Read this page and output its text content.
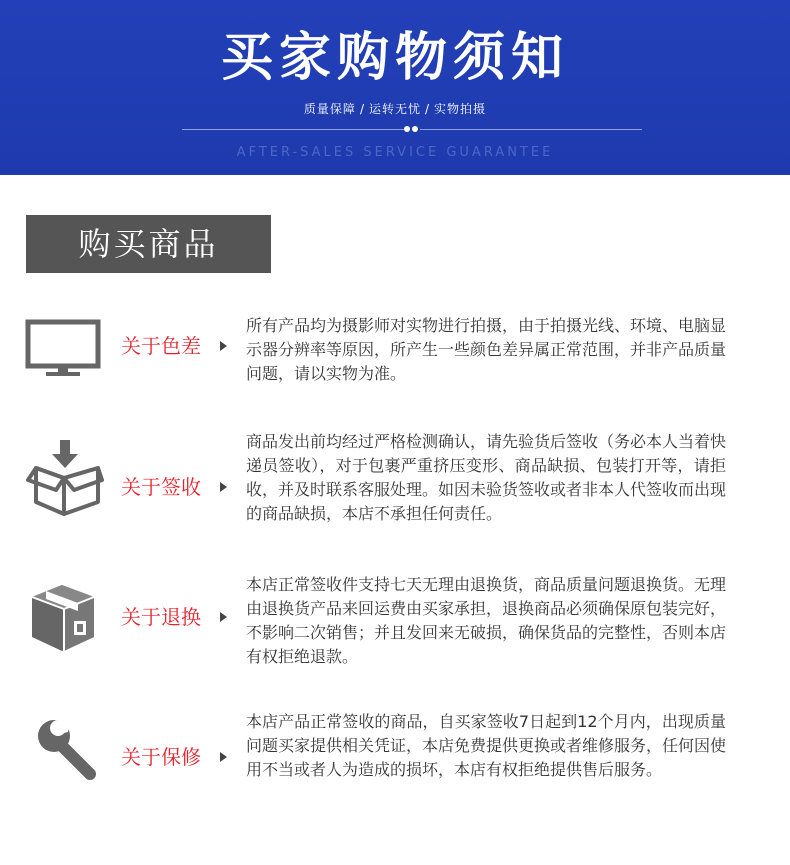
买家购物须知
质量保障 / 运转无忧 / 实物拍摄
AFTER-SALES SERVICE GUARANTEE
购买商品
关于色差
所有产品均为摄影师对实物进行拍摄，由于拍摄光线、环境、电脑显示器分辨率等原因，所产生一些颜色差异属正常范围，并非产品质量问题，请以实物为准。
关于签收
商品发出前均经过严格检测确认，请先验货后签收（务必本人当着快递员签收），对于包裹严重挤压变形、商品缺损、包装打开等，请拒收，并及时联系客服处理。如因未验货签收或者非本人代签收而出现的商品缺损，本店不承担任何责任。
关于退换
本店正常签收件支持七天无理由退换货，商品质量问题退换货。无理由退换货产品来回运费由买家承担，退换商品必须确保原包装完好，不影响二次销售；并且发回来无破损，确保货品的完整性，否则本店有权拒绝退款。
关于保修
本店产品正常签收的商品，自买家签收7日起到12个月内，出现质量问题买家提供相关凭证，本店免费提供更换或者维修服务，任何因使用不当或者人为造成的损坏，本店有权拒绝提供售后服务。
